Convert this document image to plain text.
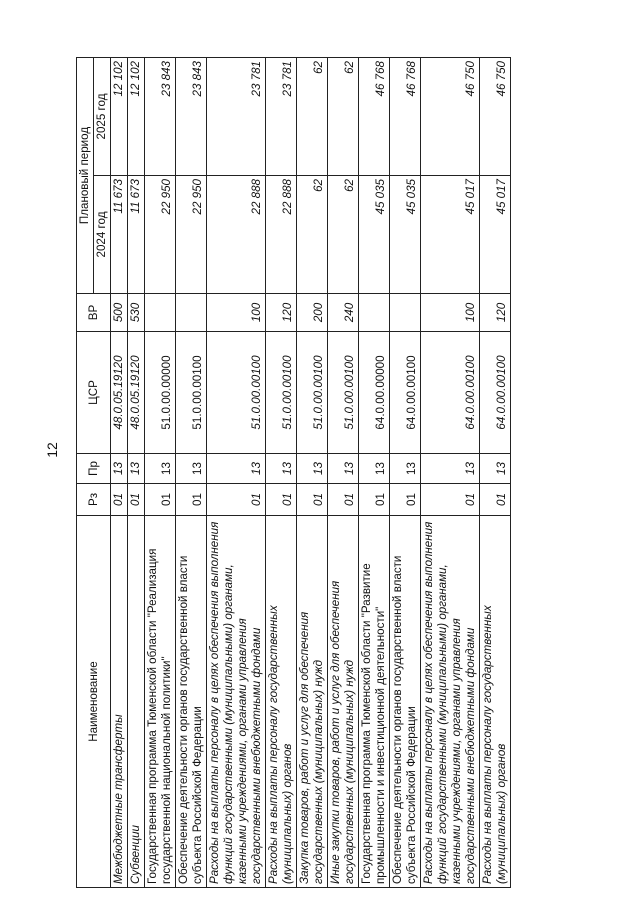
12
Наименование	Рз	Пр	ЦСР	ВР	Плановый период	
					2024 год	2025 год
Межбюджетные трансферты	01	13	48.0.05.19120	500	11 673	12 102
Субвенции	01	13	48.0.05.19120	530	11 673	12 102
Государственная программа Тюменской области "Реализация государственной национальной политики"	01	13	51.0.00.00000		22 950	23 843
Обеспечение деятельности органов государственной власти субъекта Российской Федерации	01	13	51.0.00.00100		22 950	23 843
Расходы на выплаты персоналу в целях обеспечения выполнения функций государственными (муниципальными) органами, казенными учреждениями, органами управления государственными внебюджетными фондами	01	13	51.0.00.00100	100	22 888	23 781
Расходы на выплаты персоналу государственных (муниципальных) органов	01	13	51.0.00.00100	120	22 888	23 781
Закупка товаров, работ и услуг для обеспечения государственных (муниципальных) нужд	01	13	51.0.00.00100	200	62	62
Иные закупки товаров, работ и услуг для обеспечения государственных (муниципальных) нужд	01	13	51.0.00.00100	240	62	62
Государственная программа Тюменской области "Развитие промышленности и инвестиционной деятельности"	01	13	64.0.00.00000		45 035	46 768
Обеспечение деятельности органов государственной власти субъекта Российской Федерации	01	13	64.0.00.00100		45 035	46 768
Расходы на выплаты персоналу в целях обеспечения выполнения функций государственными (муниципальными) органами, казенными учреждениями, органами управления государственными внебюджетными фондами	01	13	64.0.00.00100	100	45 017	46 750
Расходы на выплаты персоналу государственных (муниципальных) органов	01	13	64.0.00.00100	120	45 017	46 750
